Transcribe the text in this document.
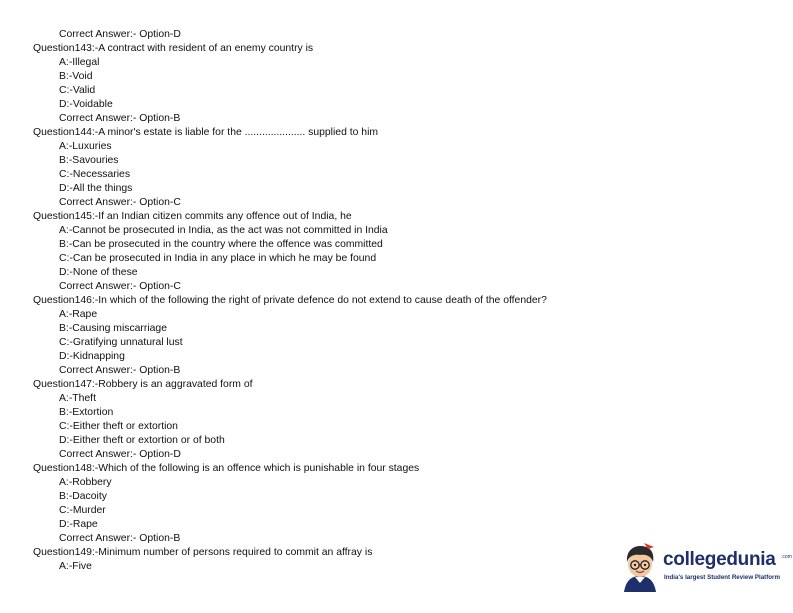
Correct Answer:- Option-D
Question143:-A contract with resident of an enemy country is
A:-Illegal
B:-Void
C:-Valid
D:-Voidable
Correct Answer:- Option-B
Question144:-A minor's estate is liable for the ..................... supplied to him
A:-Luxuries
B:-Savouries
C:-Necessaries
D:-All the things
Correct Answer:- Option-C
Question145:-If an Indian citizen commits any offence out of India, he
A:-Cannot be prosecuted in India, as the act was not committed in India
B:-Can be prosecuted in the country where the offence was committed
C:-Can be prosecuted in India in any place in which he may be found
D:-None of these
Correct Answer:- Option-C
Question146:-In which of the following the right of private defence do not extend to cause death of the offender?
A:-Rape
B:-Causing miscarriage
C:-Gratifying unnatural lust
D:-Kidnapping
Correct Answer:- Option-B
Question147:-Robbery is an aggravated form of
A:-Theft
B:-Extortion
C:-Either theft or extortion
D:-Either theft or extortion or of both
Correct Answer:- Option-D
Question148:-Which of the following is an offence which is punishable in four stages
A:-Robbery
B:-Dacoity
C:-Murder
D:-Rape
Correct Answer:- Option-B
Question149:-Minimum number of persons required to commit an affray is
A:-Five	collegedunia .com
India's largest Student Review Platform
